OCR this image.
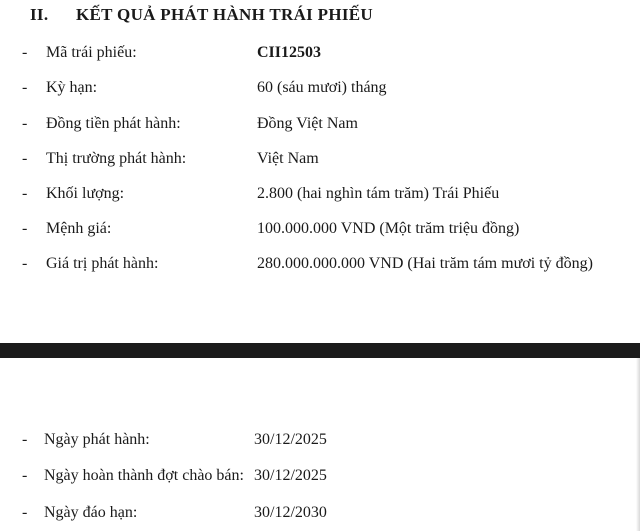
II. KẾT QUẢ PHÁT HÀNH TRÁI PHIẾU
- Mã trái phiếu:	CII12503
- Kỳ hạn:	60 (sáu mươi) tháng
- Đồng tiền phát hành:	Đồng Việt Nam
- Thị trường phát hành:	Việt Nam
- Khối lượng:	2.800 (hai nghìn tám trăm) Trái Phiếu
- Mệnh giá:	100.000.000 VND (Một trăm triệu đồng)
- Giá trị phát hành:	280.000.000.000 VND (Hai trăm tám mươi tỷ đồng)
- Ngày phát hành:	30/12/2025
- Ngày hoàn thành đợt chào bán: 30/12/2025
- Ngày đáo hạn:	30/12/2030
